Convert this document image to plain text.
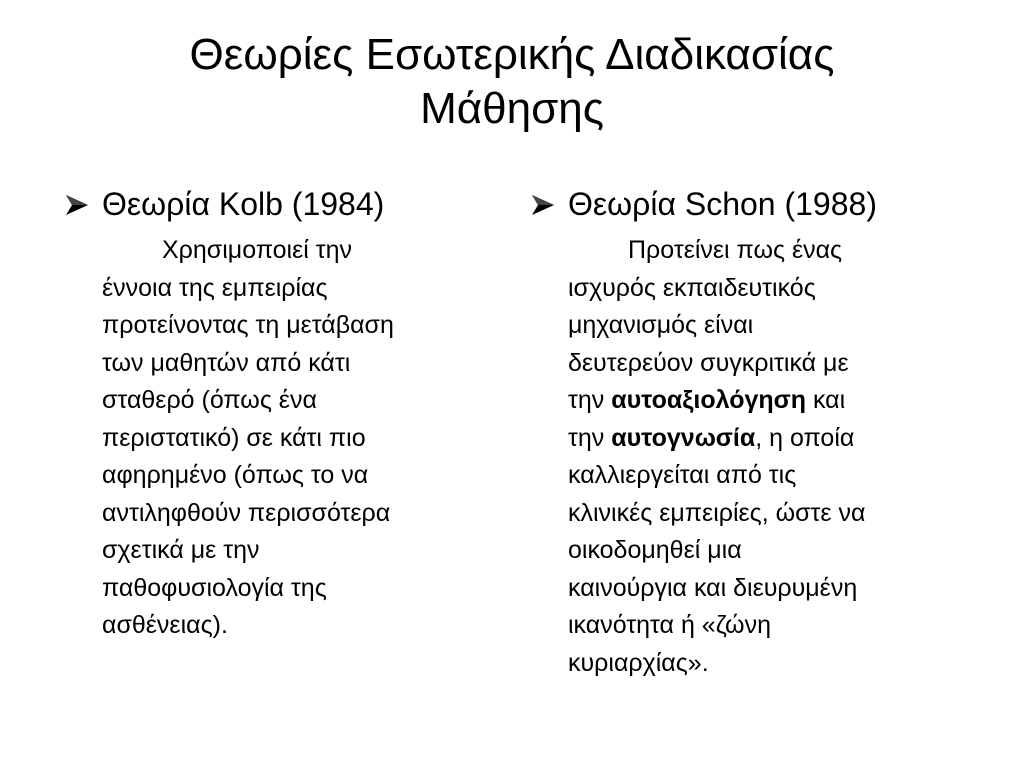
Θεωρίες Εσωτερικής Διαδικασίας
Μάθησης
Θεωρία Kolb (1984)
Χρησιμοποιεί την
έννοια της εμπειρίας
προτείνοντας τη μετάβαση
των μαθητών από κάτι
σταθερό (όπως ένα
περιστατικό) σε κάτι πιο
αφηρημένο (όπως το να
αντιληφθούν περισσότερα
σχετικά με την
παθοφυσιολογία της
ασθένειας).
Θεωρία Schon (1988)
Προτείνει πως ένας
ισχυρός εκπαιδευτικός
μηχανισμός είναι
δευτερεύον συγκριτικά με
την αυτοαξιολόγηση και
την αυτογνωσία, η οποία
καλλιεργείται από τις
κλινικές εμπειρίες, ώστε να
οικοδομηθεί μια
καινούργια και διευρυμένη
ικανότητα ή «ζώνη
κυριαρχίας».
